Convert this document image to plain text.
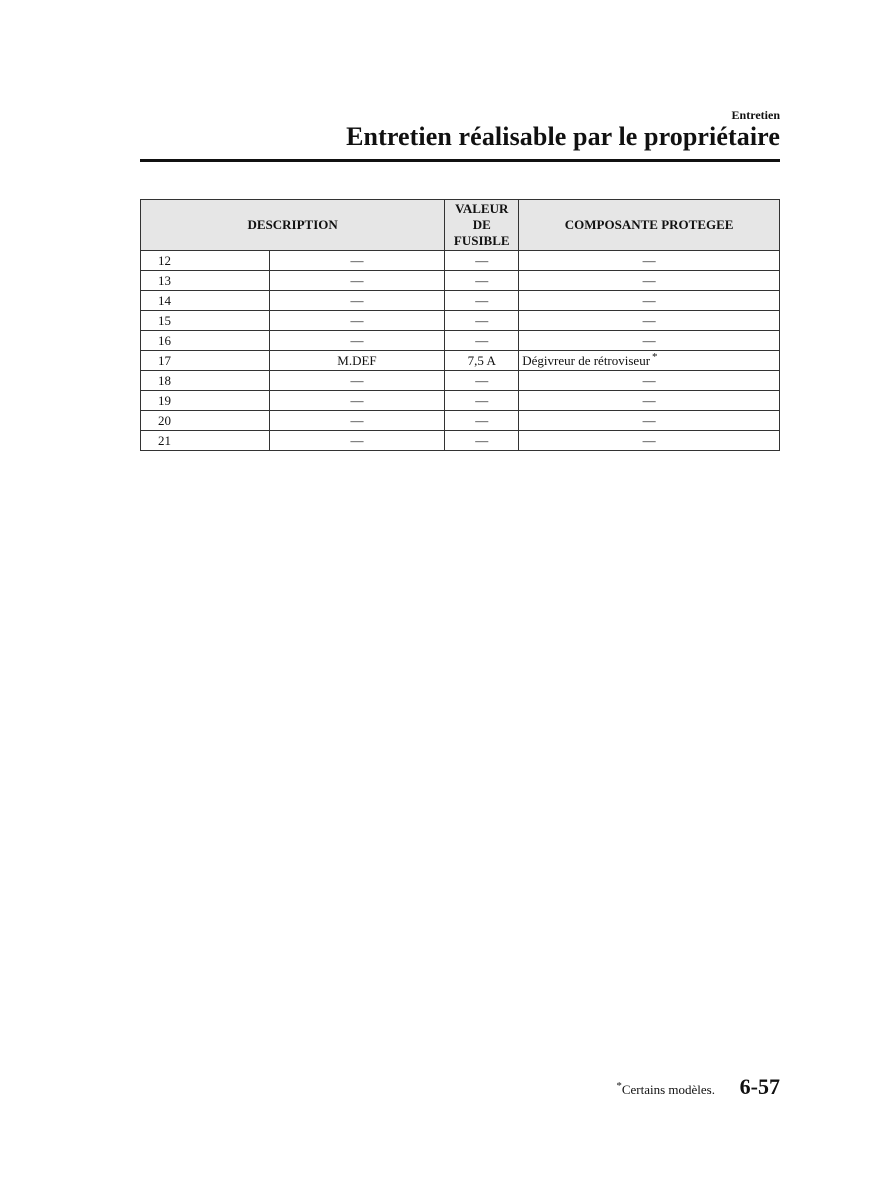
Entretien
Entretien réalisable par le propriétaire
DESCRIPTION		VALEUR
DE
FUSIBLE	COMPOSANTE PROTEGEE
12	—	—	—
13	—	—	—
14	—	—	—
15	—	—	—
16	—	—	—
17	M.DEF	7,5 A	Dégivreur de rétroviseur *
18	—	—	—
19	—	—	—
20	—	—	—
21	—	—	—
*Certains modèles. 6-57
